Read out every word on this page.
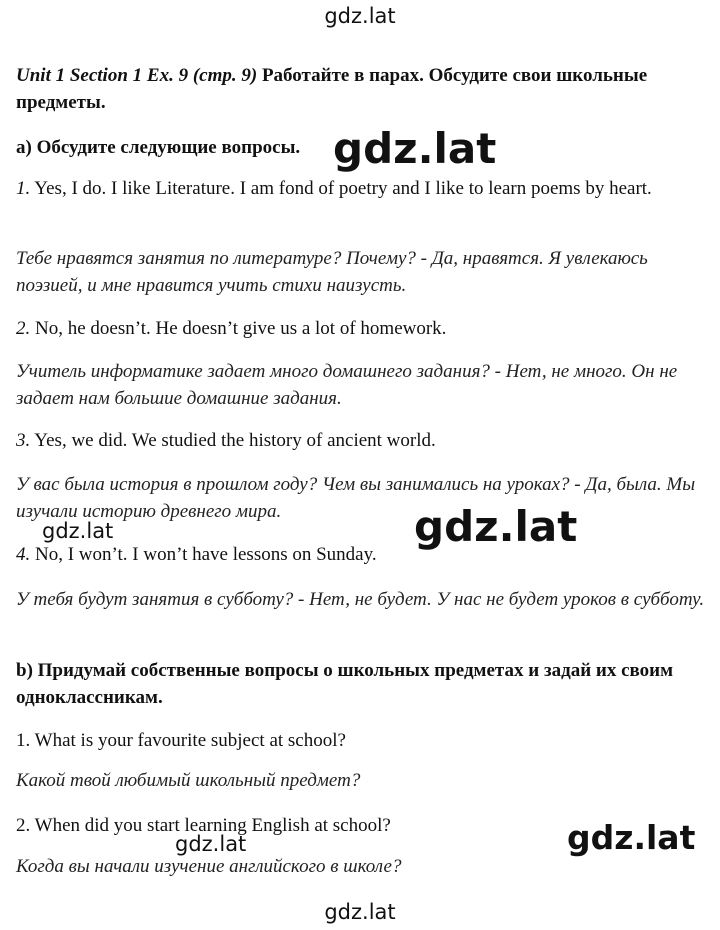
gdz.lat

Unit 1 Section 1 Ex. 9 (стр. 9) Работайте в парах. Обсудите свои школьные предметы.

a) Обсудите следующие вопросы.

1. Yes, I do. I like Literature. I am fond of poetry and I like to learn poems by heart.

Тебе нравятся занятия по литературе? Почему? - Да, нравятся. Я увлекаюсь поэзией, и мне нравится учить стихи наизусть.

2. No, he doesn’t. He doesn’t give us a lot of homework.

Учитель информатике задает много домашнего задания? - Нет, не много. Он не задает нам большие домашние задания.

3. Yes, we did. We studied the history of ancient world.

У вас была история в прошлом году? Чем вы занимались на уроках? - Да, была. Мы изучали историю древнего мира.

4. No, I won’t. I won’t have lessons on Sunday.

У тебя будут занятия в субботу? - Нет, не будет. У нас не будет уроков в субботу.

b) Придумай собственные вопросы о школьных предметах и задай их своим одноклассникам.

1. What is your favourite subject at school?

Какой твой любимый школьный предмет?

2. When did you start learning English at school?

Когда вы начали изучение английского в школе?

gdz.lat
gdz.lat
gdz.lat
gdz.lat
gdz.lat
gdz.lat
